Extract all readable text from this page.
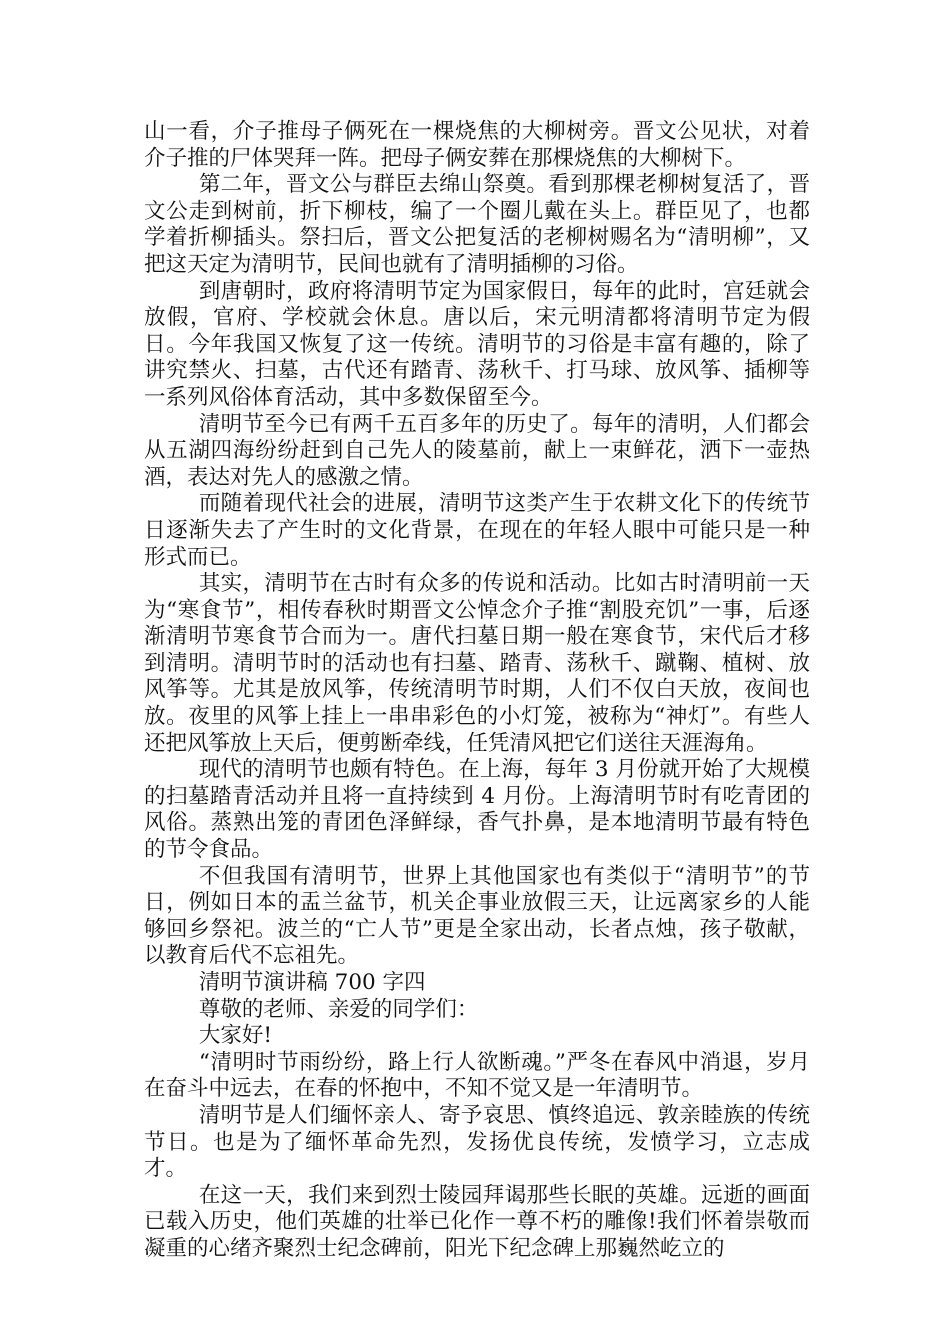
山一看，介子推母子俩死在一棵烧焦的大柳树旁。晋文公见状，对着介子推的尸体哭拜一阵。把母子俩安葬在那棵烧焦的大柳树下。

第二年，晋文公与群臣去绵山祭奠。看到那棵老柳树复活了，晋文公走到树前，折下柳枝，编了一个圈儿戴在头上。群臣见了，也都学着折柳插头。祭扫后，晋文公把复活的老柳树赐名为“清明柳”，又把这天定为清明节，民间也就有了清明插柳的习俗。

到唐朝时，政府将清明节定为国家假日，每年的此时，宫廷就会放假，官府、学校就会休息。唐以后，宋元明清都将清明节定为假日。今年我国又恢复了这一传统。清明节的习俗是丰富有趣的，除了讲究禁火、扫墓，古代还有踏青、荡秋千、打马球、放风筝、插柳等一系列风俗体育活动，其中多数保留至今。

清明节至今已有两千五百多年的历史了。每年的清明，人们都会从五湖四海纷纷赶到自己先人的陵墓前，献上一束鲜花，洒下一壶热酒，表达对先人的感激之情。

而随着现代社会的进展，清明节这类产生于农耕文化下的传统节日逐渐失去了产生时的文化背景，在现在的年轻人眼中可能只是一种形式而已。

其实，清明节在古时有众多的传说和活动。比如古时清明前一天为“寒食节”，相传春秋时期晋文公悼念介子推“割股充饥”一事，后逐渐清明节寒食节合而为一。唐代扫墓日期一般在寒食节，宋代后才移到清明。清明节时的活动也有扫墓、踏青、荡秋千、蹴鞠、植树、放风筝等。尤其是放风筝，传统清明节时期，人们不仅白天放，夜间也放。夜里的风筝上挂上一串串彩色的小灯笼，被称为“神灯”。有些人还把风筝放上天后，便剪断牵线，任凭清风把它们送往天涯海角。

现代的清明节也颇有特色。在上海，每年 3 月份就开始了大规模的扫墓踏青活动并且将一直持续到 4 月份。上海清明节时有吃青团的风俗。蒸熟出笼的青团色泽鲜绿，香气扑鼻，是本地清明节最有特色的节令食品。

不但我国有清明节，世界上其他国家也有类似于“清明节”的节日，例如日本的盂兰盆节，机关企事业放假三天，让远离家乡的人能够回乡祭祀。波兰的“亡人节”更是全家出动，长者点烛，孩子敬献，以教育后代不忘祖先。

清明节演讲稿 700 字四

尊敬的老师、亲爱的同学们：

大家好!

“清明时节雨纷纷，路上行人欲断魂。”严冬在春风中消退，岁月在奋斗中远去，在春的怀抱中，不知不觉又是一年清明节。

清明节是人们缅怀亲人、寄予哀思、慎终追远、敦亲睦族的传统节日。也是为了缅怀革命先烈，发扬优良传统，发愤学习，立志成才。

在这一天，我们来到烈士陵园拜谒那些长眠的英雄。远逝的画面已载入历史，他们英雄的壮举已化作一尊不朽的雕像!我们怀着崇敬而凝重的心绪齐聚烈士纪念碑前，阳光下纪念碑上那巍然屹立的
